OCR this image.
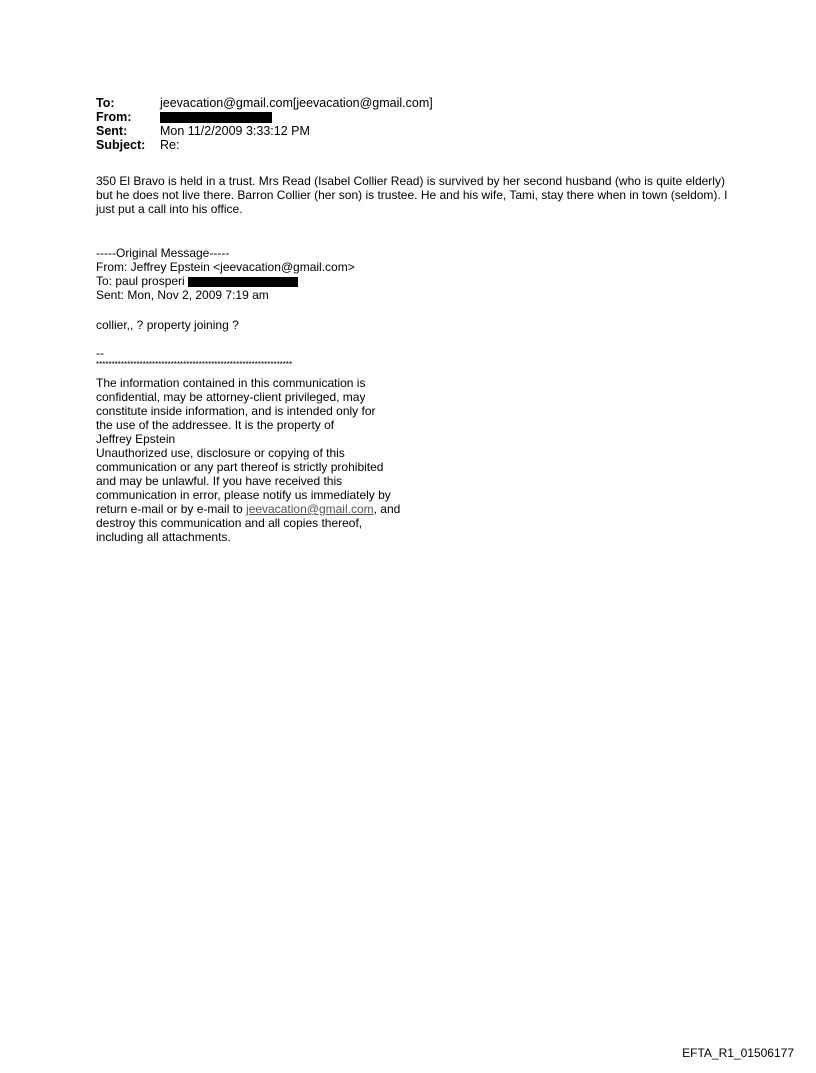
To:	jeevacation@gmail.com[jeevacation@gmail.com]
From:
Sent:	Mon 11/2/2009 3:33:12 PM
Subject:	Re:
350 El Bravo is held in a trust. Mrs Read (Isabel Collier Read) is survived by her second husband (who is quite elderly) but he does not live there. Barron Collier (her son) is trustee. He and his wife, Tami, stay there when in town (seldom). I just put a call into his office.
-----Original Message-----
From: Jeffrey Epstein <jeevacation@gmail.com>
To: paul prosperi
Sent: Mon, Nov 2, 2009 7:19 am
collier,, ? property joining ?
--
***************************************************************
The information contained in this communication is
confidential, may be attorney-client privileged, may
constitute inside information, and is intended only for
the use of the addressee. It is the property of
Jeffrey Epstein
Unauthorized use, disclosure or copying of this
communication or any part thereof is strictly prohibited
and may be unlawful. If you have received this
communication in error, please notify us immediately by
return e-mail or by e-mail to jeevacation@gmail.com, and
destroy this communication and all copies thereof,
including all attachments.
EFTA_R1_01506177
